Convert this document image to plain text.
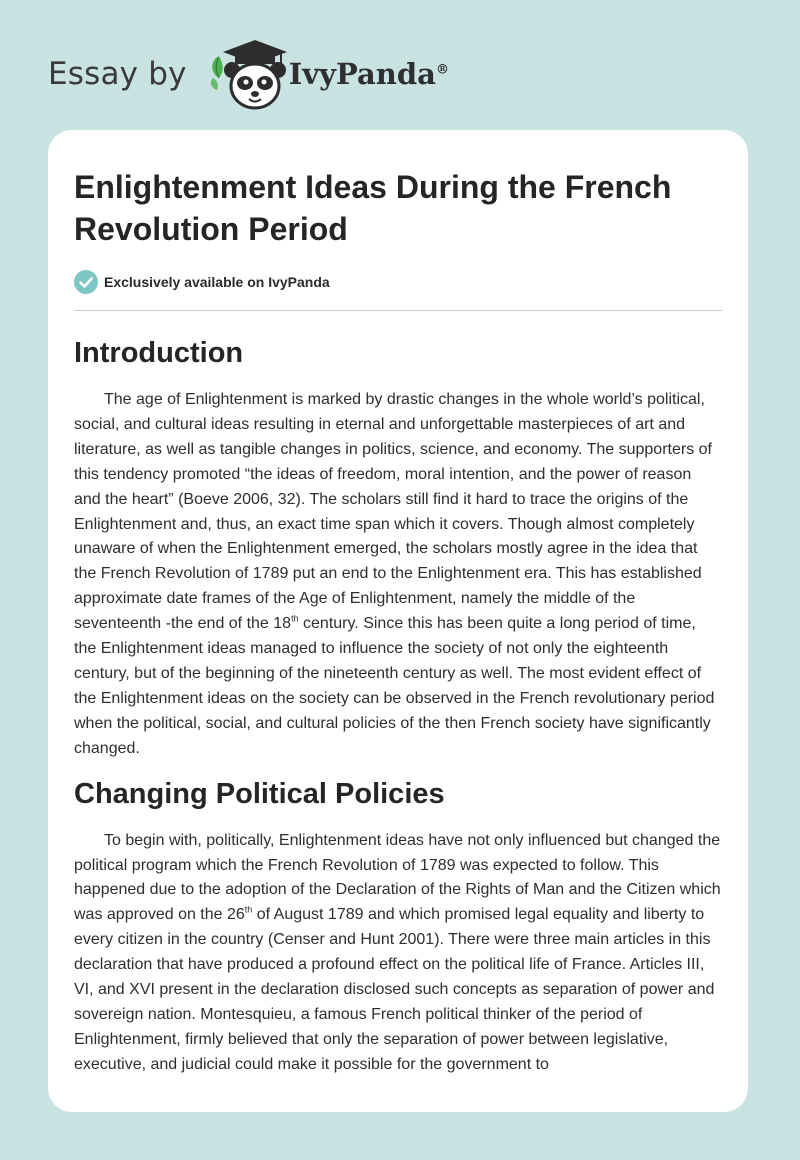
Essay by	IvyPanda®
Enlightenment Ideas During the French Revolution Period
Exclusively available on IvyPanda
Introduction

The age of Enlightenment is marked by drastic changes in the whole world’s political, social, and cultural ideas resulting in eternal and unforgettable masterpieces of art and literature, as well as tangible changes in politics, science, and economy. The supporters of this tendency promoted “the ideas of freedom, moral intention, and the power of reason and the heart” (Boeve 2006, 32). The scholars still find it hard to trace the origins of the Enlightenment and, thus, an exact time span which it covers. Though almost completely unaware of when the Enlightenment emerged, the scholars mostly agree in the idea that the French Revolution of 1789 put an end to the Enlightenment era. This has established approximate date frames of the Age of Enlightenment, namely the middle of the seventeenth -the end of the 18th century. Since this has been quite a long period of time, the Enlightenment ideas managed to influence the society of not only the eighteenth century, but of the beginning of the nineteenth century as well. The most evident effect of the Enlightenment ideas on the society can be observed in the French revolutionary period when the political, social, and cultural policies of the then French society have significantly changed.

Changing Political Policies

To begin with, politically, Enlightenment ideas have not only influenced but changed the political program which the French Revolution of 1789 was expected to follow. This happened due to the adoption of the Declaration of the Rights of Man and the Citizen which was approved on the 26th of August 1789 and which promised legal equality and liberty to every citizen in the country (Censer and Hunt 2001). There were three main articles in this declaration that have produced a profound effect on the political life of France. Articles III, VI, and XVI present in the declaration disclosed such concepts as separation of power and sovereign nation. Montesquieu, a famous French political thinker of the period of Enlightenment, firmly believed that only the separation of power between legislative, executive, and judicial could make it possible for the government to
